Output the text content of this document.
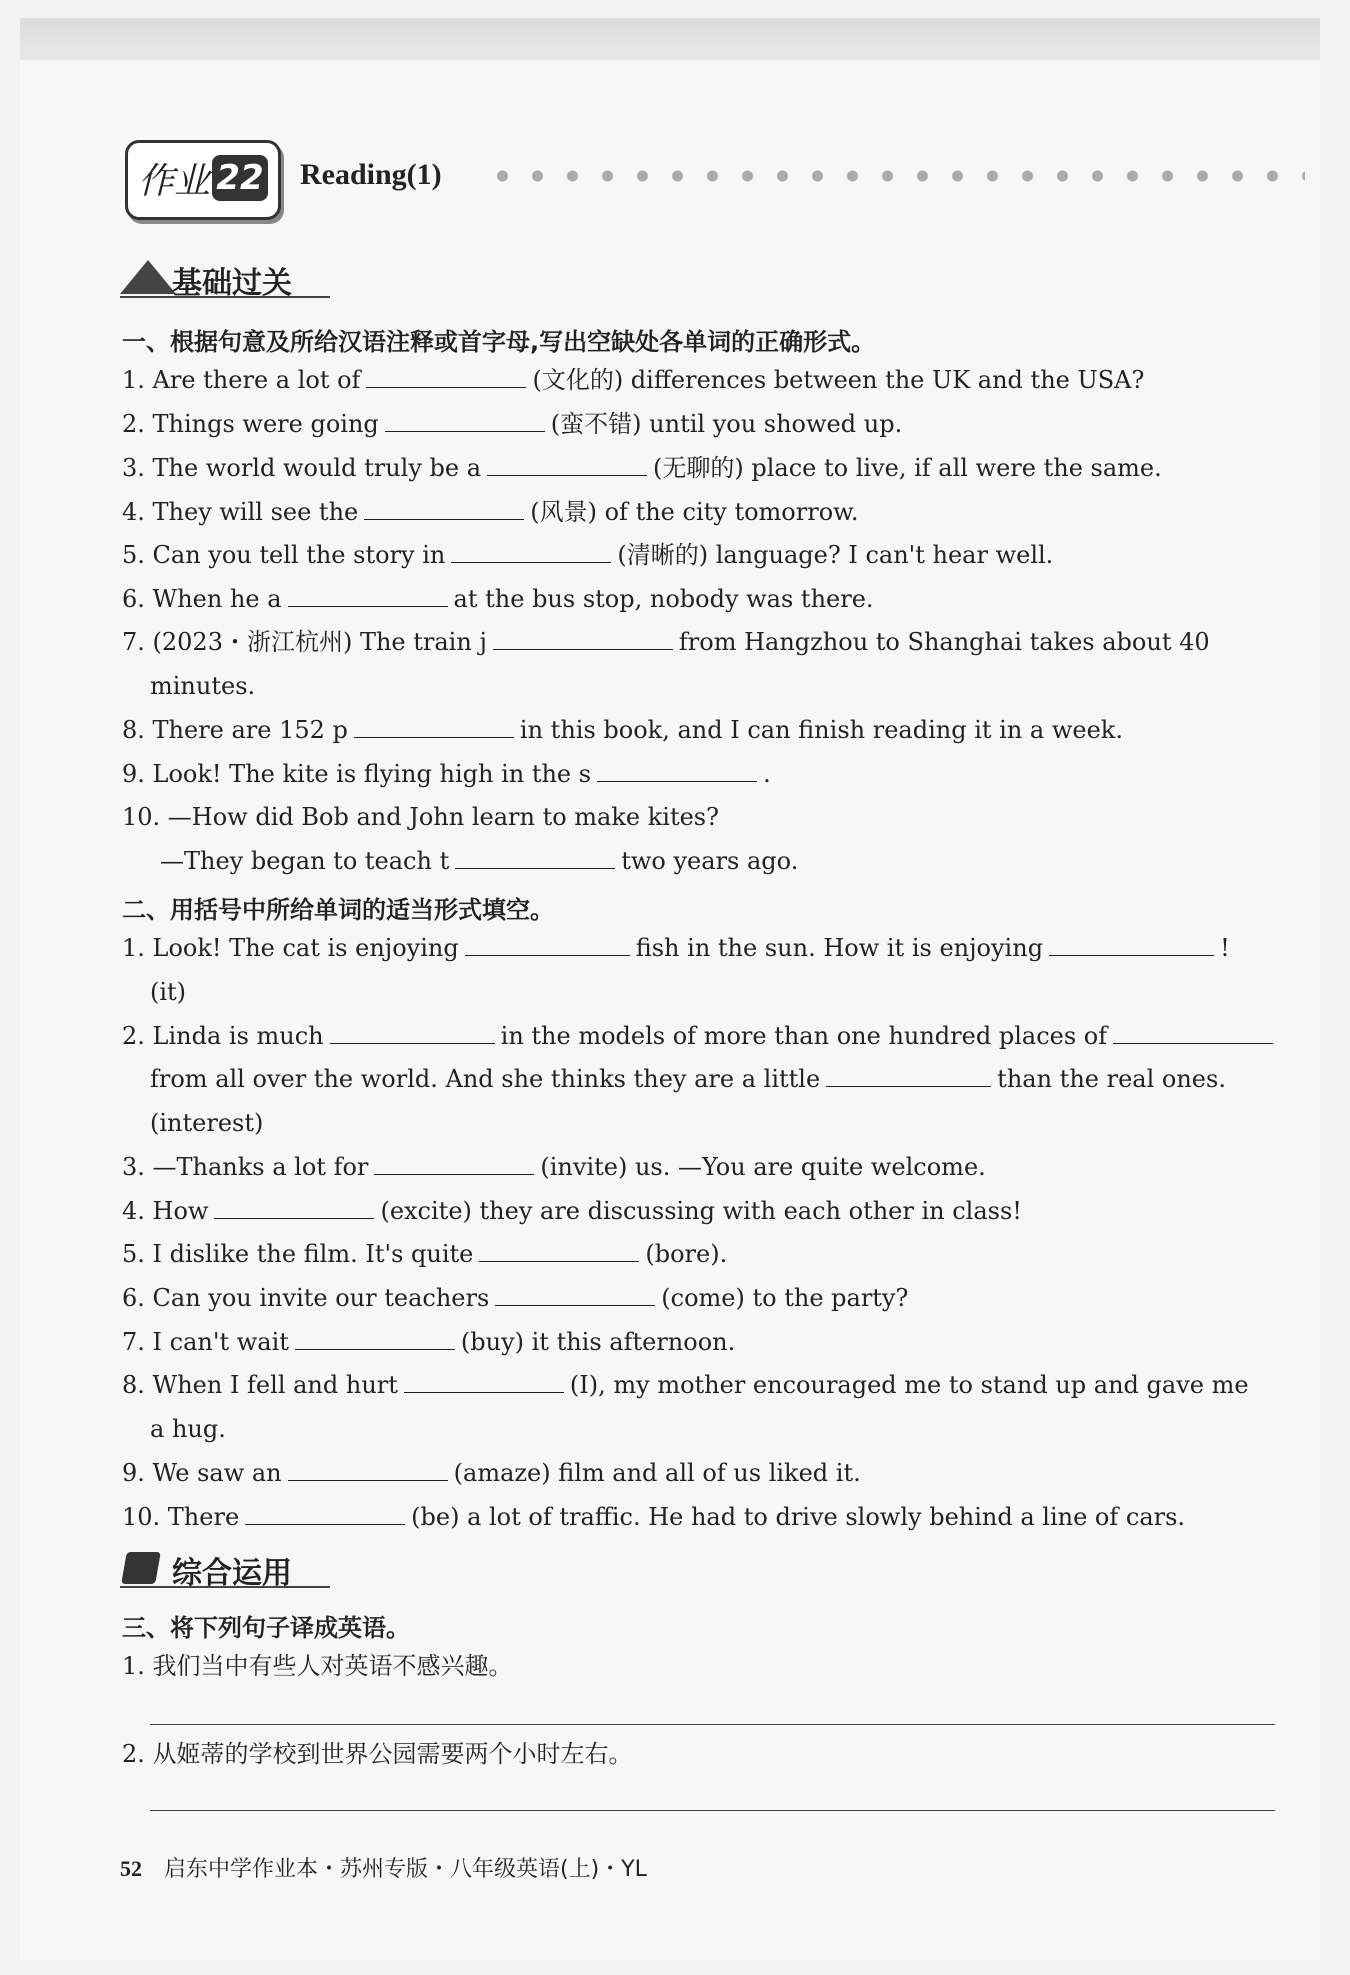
作业 22 Reading(1)
基础过关
一、根据句意及所给汉语注释或首字母,写出空缺处各单词的正确形式。
1. Are there a lot of	(文化的) differences between the UK and the USA?
2. Things were going	(蛮不错) until you showed up.
3. The world would truly be a	(无聊的) place to live, if all were the same.
4. They will see the	(风景) of the city tomorrow.
5. Can you tell the story in	(清晰的) language? I can't hear well.
6. When he a	at the bus stop, nobody was there.
7. (2023・浙江杭州) The train j	from Hangzhou to Shanghai takes about 40
minutes.
8. There are 152 p	in this book, and I can finish reading it in a week.
9. Look! The kite is flying high in the s	.
10. —How did Bob and John learn to make kites?
—They began to teach t	two years ago.
二、用括号中所给单词的适当形式填空。
1. Look! The cat is enjoying	fish in the sun. How it is enjoying	!
(it)
2. Linda is much	in the models of more than one hundred places of
from all over the world. And she thinks they are a little	than the real ones.
(interest)
3. —Thanks a lot for	(invite) us. —You are quite welcome.
4. How	(excite) they are discussing with each other in class!
5. I dislike the film. It's quite	(bore).
6. Can you invite our teachers	(come) to the party?
7. I can't wait	(buy) it this afternoon.
8. When I fell and hurt	(I), my mother encouraged me to stand up and gave me
a hug.
9. We saw an	(amaze) film and all of us liked it.
10. There	(be) a lot of traffic. He had to drive slowly behind a line of cars.
综合运用
三、将下列句子译成英语。
1. 我们当中有些人对英语不感兴趣。
2. 从姬蒂的学校到世界公园需要两个小时左右。
52 启东中学作业本・苏州专版・八年级英语(上)・YL
